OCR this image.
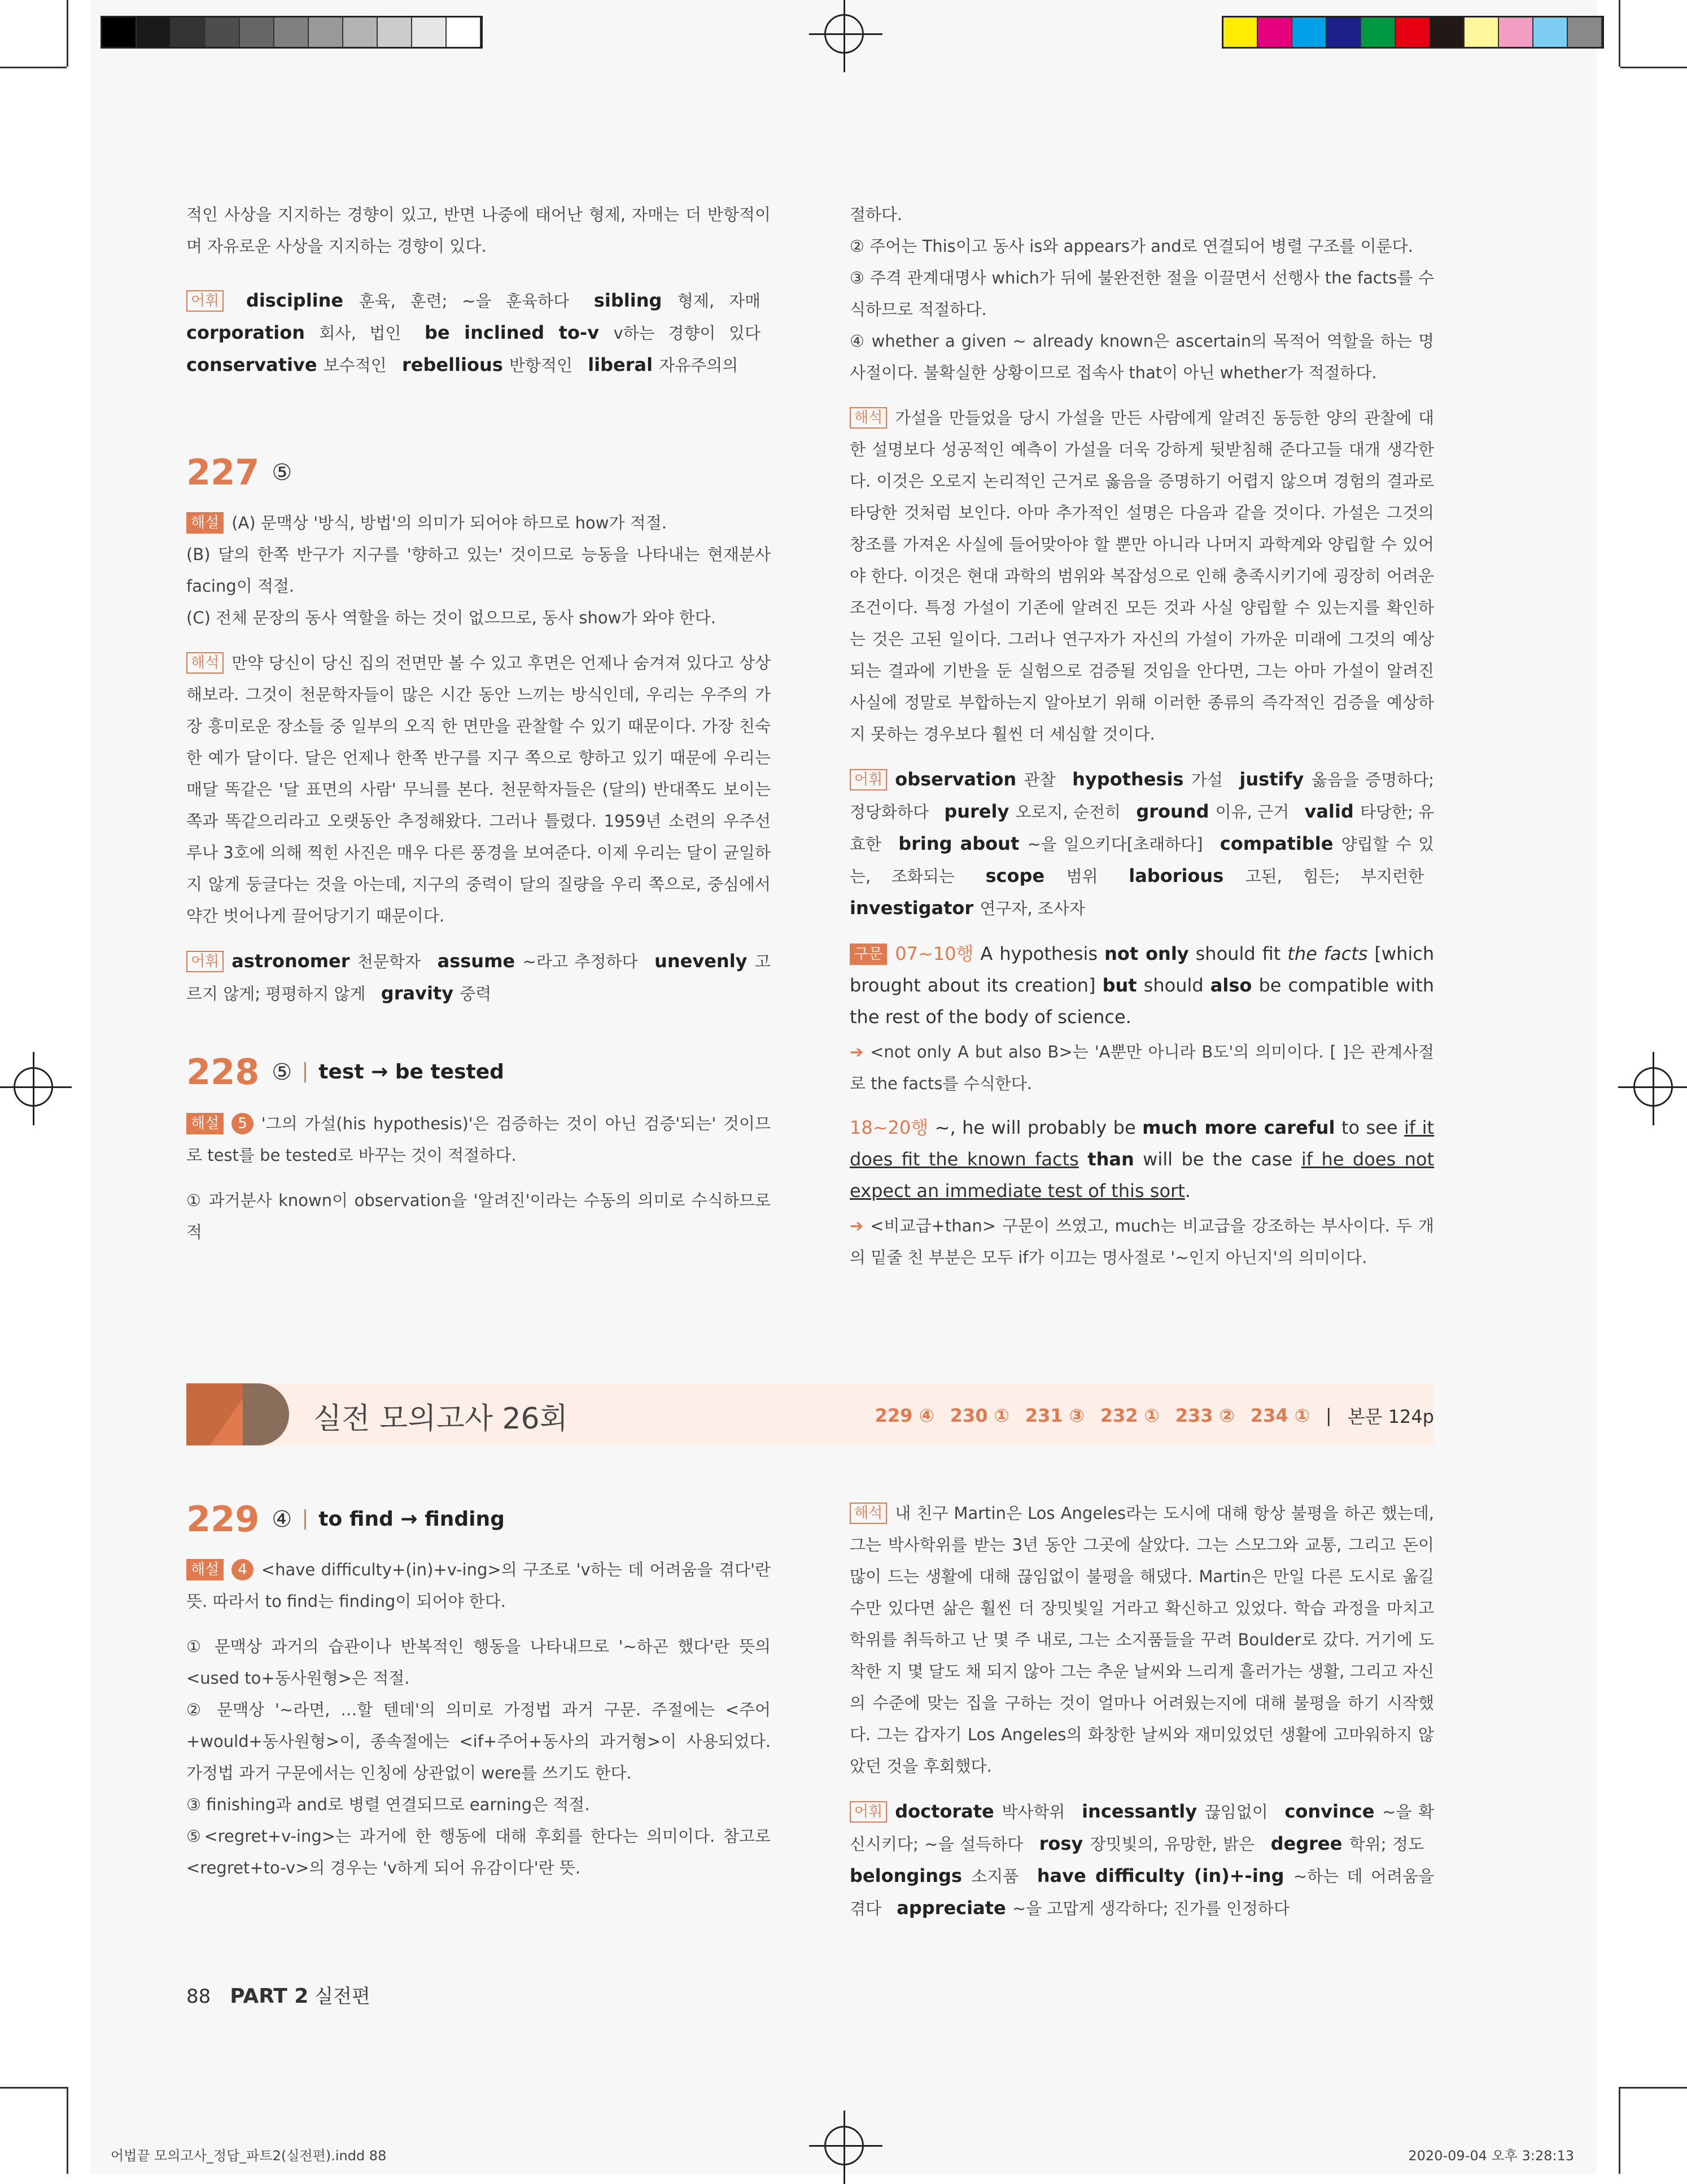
적인 사상을 지지하는 경향이 있고, 반면 나중에 태어난 형제, 자매는 더 반항적이며 자유로운 사상을 지지하는 경향이 있다.

어휘 discipline 훈육, 훈련; ~을 훈육하다 sibling 형제, 자매 corporation 회사, 법인 be inclined to-v v하는 경향이 있다 conservative 보수적인 rebellious 반항적인 liberal 자유주의의

227 ⑤

해설 (A) 문맥상 '방식, 방법'의 의미가 되어야 하므로 how가 적절.

(B) 달의 한쪽 반구가 지구를 '향하고 있는' 것이므로 능동을 나타내는 현재분사 facing이 적절.

(C) 전체 문장의 동사 역할을 하는 것이 없으므로, 동사 show가 와야 한다.

해석 만약 당신이 당신 집의 전면만 볼 수 있고 후면은 언제나 숨겨져 있다고 상상해보라. 그것이 천문학자들이 많은 시간 동안 느끼는 방식인데, 우리는 우주의 가장 흥미로운 장소들 중 일부의 오직 한 면만을 관찰할 수 있기 때문이다. 가장 친숙한 예가 달이다. 달은 언제나 한쪽 반구를 지구 쪽으로 향하고 있기 때문에 우리는 매달 똑같은 '달 표면의 사람' 무늬를 본다. 천문학자들은 (달의) 반대쪽도 보이는 쪽과 똑같으리라고 오랫동안 추정해왔다. 그러나 틀렸다. 1959년 소련의 우주선 루나 3호에 의해 찍힌 사진은 매우 다른 풍경을 보여준다. 이제 우리는 달이 균일하지 않게 둥글다는 것을 아는데, 지구의 중력이 달의 질량을 우리 쪽으로, 중심에서 약간 벗어나게 끌어당기기 때문이다.

어휘 astronomer 천문학자 assume ~라고 추정하다 unevenly 고르지 않게; 평평하지 않게 gravity 중력

228 ⑤ test → be tested

해설 5 '그의 가설(his hypothesis)'은 검증하는 것이 아닌 검증'되는' 것이므로 test를 be tested로 바꾸는 것이 적절하다.

① 과거분사 known이 observation을 '알려진'이라는 수동의 의미로 수식하므로 적

절하다.

② 주어는 This이고 동사 is와 appears가 and로 연결되어 병렬 구조를 이룬다.

③ 주격 관계대명사 which가 뒤에 불완전한 절을 이끌면서 선행사 the facts를 수식하므로 적절하다.

④ whether a given ~ already known은 ascertain의 목적어 역할을 하는 명사절이다. 불확실한 상황이므로 접속사 that이 아닌 whether가 적절하다.

해석 가설을 만들었을 당시 가설을 만든 사람에게 알려진 동등한 양의 관찰에 대한 설명보다 성공적인 예측이 가설을 더욱 강하게 뒷받침해 준다고들 대개 생각한다. 이것은 오로지 논리적인 근거로 옳음을 증명하기 어렵지 않으며 경험의 결과로 타당한 것처럼 보인다. 아마 추가적인 설명은 다음과 같을 것이다. 가설은 그것의 창조를 가져온 사실에 들어맞아야 할 뿐만 아니라 나머지 과학계와 양립할 수 있어야 한다. 이것은 현대 과학의 범위와 복잡성으로 인해 충족시키기에 굉장히 어려운 조건이다. 특정 가설이 기존에 알려진 모든 것과 사실 양립할 수 있는지를 확인하는 것은 고된 일이다. 그러나 연구자가 자신의 가설이 가까운 미래에 그것의 예상되는 결과에 기반을 둔 실험으로 검증될 것임을 안다면, 그는 아마 가설이 알려진 사실에 정말로 부합하는지 알아보기 위해 이러한 종류의 즉각적인 검증을 예상하지 못하는 경우보다 훨씬 더 세심할 것이다.

어휘 observation 관찰 hypothesis 가설 justify 옳음을 증명하다; 정당화하다 purely 오로지, 순전히 ground 이유, 근거 valid 타당한; 유효한 bring about ~을 일으키다[초래하다] compatible 양립할 수 있는, 조화되는 scope 범위 laborious 고된, 힘든; 부지런한 investigator 연구자, 조사자

구문 07~10행 A hypothesis not only should fit the facts [which brought about its creation] but should also be compatible with the rest of the body of science.

➔ <not only A but also B>는 'A뿐만 아니라 B도'의 의미이다. [ ]은 관계사절로 the facts를 수식한다.

18~20행 ~, he will probably be much more careful to see if it does fit the known facts than will be the case if he does not expect an immediate test of this sort.

➔ <비교급+than> 구문이 쓰였고, much는 비교급을 강조하는 부사이다. 두 개의 밑줄 친 부분은 모두 if가 이끄는 명사절로 '~인지 아닌지'의 의미이다.

실전 모의고사 26회	229 ④ 230 ① 231 ③ 232 ① 233 ② 234 ① | 본문 124p
229 ④ to find → finding

해설 4 <have difficulty+(in)+v-ing>의 구조로 'v하는 데 어려움을 겪다'란 뜻. 따라서 to find는 finding이 되어야 한다.

① 문맥상 과거의 습관이나 반복적인 행동을 나타내므로 '~하곤 했다'란 뜻의 <used to+동사원형>은 적절.

② 문맥상 '~라면, …할 텐데'의 의미로 가정법 과거 구문. 주절에는 <주어+would+동사원형>이, 종속절에는 <if+주어+동사의 과거형>이 사용되었다. 가정법 과거 구문에서는 인칭에 상관없이 were를 쓰기도 한다.

③ finishing과 and로 병렬 연결되므로 earning은 적절.

⑤<regret+v-ing>는 과거에 한 행동에 대해 후회를 한다는 의미이다. 참고로 <regret+to-v>의 경우는 'v하게 되어 유감이다'란 뜻.

해석 내 친구 Martin은 Los Angeles라는 도시에 대해 항상 불평을 하곤 했는데, 그는 박사학위를 받는 3년 동안 그곳에 살았다. 그는 스모그와 교통, 그리고 돈이 많이 드는 생활에 대해 끊임없이 불평을 해댔다. Martin은 만일 다른 도시로 옮길 수만 있다면 삶은 훨씬 더 장밋빛일 거라고 확신하고 있었다. 학습 과정을 마치고 학위를 취득하고 난 몇 주 내로, 그는 소지품들을 꾸려 Boulder로 갔다. 거기에 도착한 지 몇 달도 채 되지 않아 그는 추운 날씨와 느리게 흘러가는 생활, 그리고 자신의 수준에 맞는 집을 구하는 것이 얼마나 어려웠는지에 대해 불평을 하기 시작했다. 그는 갑자기 Los Angeles의 화창한 날씨와 재미있었던 생활에 고마워하지 않았던 것을 후회했다.

어휘 doctorate 박사학위 incessantly 끊임없이 convince ~을 확신시키다; ~을 설득하다 rosy 장밋빛의, 유망한, 밝은 degree 학위; 정도 belongings 소지품 have difficulty (in)+-ing ~하는 데 어려움을 겪다 appreciate ~을 고맙게 생각하다; 진가를 인정하다

88 PART 2 실전편
어법끝 모의고사_정답_파트2(실전편).indd 88	2020-09-04 오후 3:28:13
